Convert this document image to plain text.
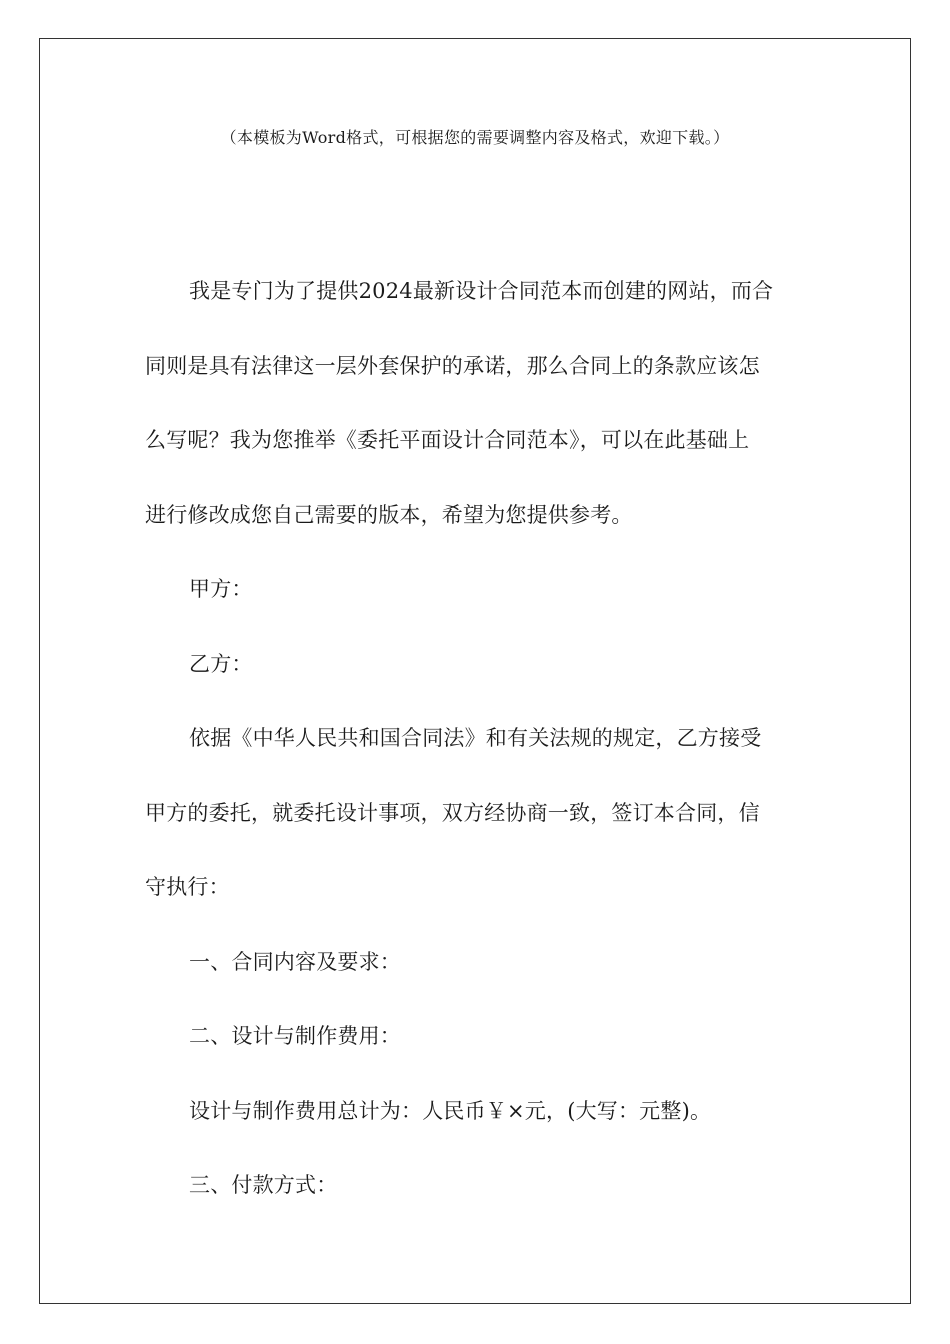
（本模板为Word格式，可根据您的需要调整内容及格式，欢迎下载。）
我是专门为了提供2024最新设计合同范本而创建的网站，而合
同则是具有法律这一层外套保护的承诺，那么合同上的条款应该怎
么写呢？我为您推举《委托平面设计合同范本》，可以在此基础上
进行修改成您自己需要的版本，希望为您提供参考。
甲方：
乙方：
依据《中华人民共和国合同法》和有关法规的规定，乙方接受
甲方的委托，就委托设计事项，双方经协商一致，签订本合同，信
守执行：
一、合同内容及要求：
二、设计与制作费用：
设计与制作费用总计为：人民币￥×元，(大写：元整)。
三、付款方式：
